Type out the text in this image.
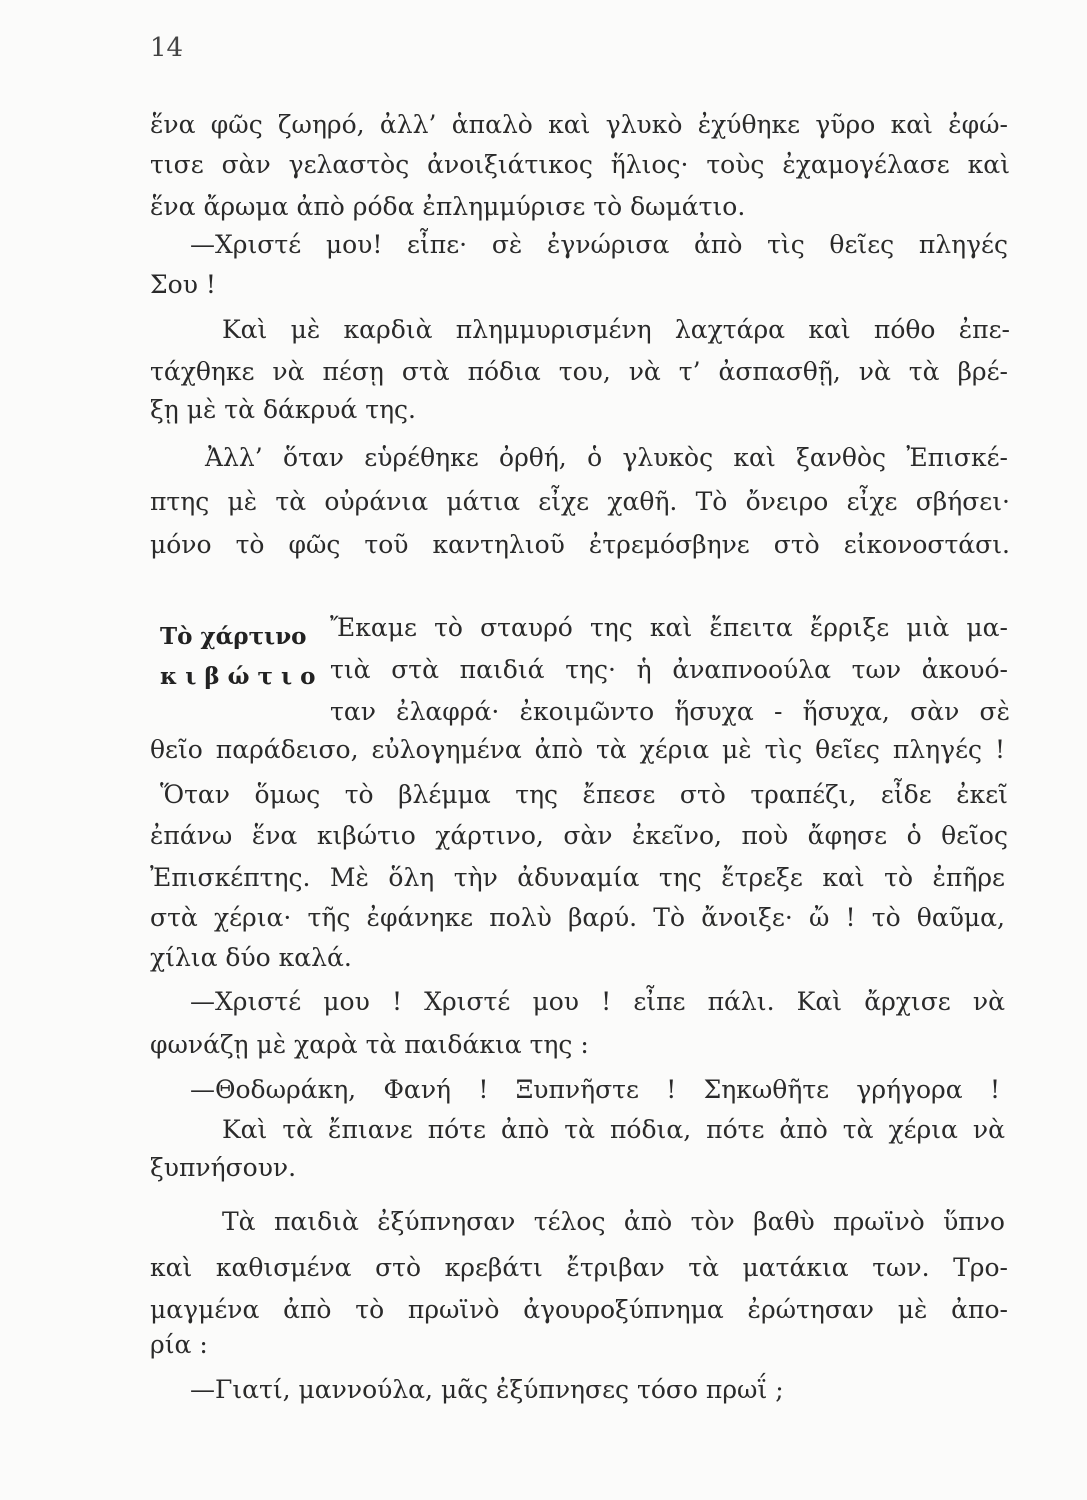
14
ἕνα φῶς ζωηρό, ἀλλ’ ἁπαλὸ καὶ γλυκὸ ἐχύθηκε γῦρο καὶ ἐφώ-
τισε σὰν γελαστὸς ἀνοιξιάτικος ἥλιος· τοὺς ἐχαμογέλασε καὶ
ἕνα ἄρωμα ἀπὸ ρόδα ἐπλημμύρισε τὸ δωμάτιο.
—Χριστέ μου! εἶπε· σὲ ἐγνώρισα ἀπὸ τὶς θεῖες πληγές
Σου !
Καὶ μὲ καρδιὰ πλημμυρισμένη λαχτάρα καὶ πόθο ἐπε-
τάχθηκε νὰ πέσῃ στὰ πόδια του, νὰ τ’ ἀσπασθῇ, νὰ τὰ βρέ-
ξῃ μὲ τὰ δάκρυά της.
Ἀλλ’ ὅταν εὑρέθηκε ὀρθή, ὁ γλυκὸς καὶ ξανθὸς Ἐπισκέ-
πτης μὲ τὰ οὐράνια μάτια εἶχε χαθῆ. Τὸ ὄνειρο εἶχε σβήσει·
μόνο τὸ φῶς τοῦ καντηλιοῦ ἐτρεμόσβηνε στὸ εἰκονοστάσι.
Τὸ χάρτινο
κιβώτιο
Ἔκαμε τὸ σταυρό της καὶ ἔπειτα ἔρριξε μιὰ μα-
τιὰ στὰ παιδιά της· ἡ ἀναπνοούλα των ἀκουό-
ταν ἐλαφρά· ἐκοιμῶντο ἥσυχα - ἥσυχα, σὰν σὲ
θεῖο παράδεισο, εὐλογημένα ἀπὸ τὰ χέρια μὲ τὶς θεῖες πληγές !
Ὅταν ὅμως τὸ βλέμμα της ἔπεσε στὸ τραπέζι, εἶδε ἐκεῖ
ἐπάνω ἕνα κιβώτιο χάρτινο, σὰν ἐκεῖνο, ποὺ ἄφησε ὁ θεῖος
Ἐπισκέπτης. Μὲ ὅλη τὴν ἀδυναμία της ἔτρεξε καὶ τὸ ἐπῆρε
στὰ χέρια· τῆς ἐφάνηκε πολὺ βαρύ. Τὸ ἄνοιξε· ὤ ! τὸ θαῦμα,
χίλια δύο καλά.
—Χριστέ μου ! Χριστέ μου ! εἶπε πάλι. Καὶ ἄρχισε νὰ
φωνάζῃ μὲ χαρὰ τὰ παιδάκια της :
—Θοδωράκη, Φανή ! Ξυπνῆστε ! Σηκωθῆτε γρήγορα !
Καὶ τὰ ἔπιανε πότε ἀπὸ τὰ πόδια, πότε ἀπὸ τὰ χέρια νὰ
ξυπνήσουν.
Τὰ παιδιὰ ἐξύπνησαν τέλος ἀπὸ τὸν βαθὺ πρωϊνὸ ὕπνο
καὶ καθισμένα στὸ κρεβάτι ἔτριβαν τὰ ματάκια των. Τρο-
μαγμένα ἀπὸ τὸ πρωϊνὸ ἀγουροξύπνημα ἐρώτησαν μὲ ἀπο-
ρία :
—Γιατί, μαννούλα, μᾶς ἐξύπνησες τόσο πρωΐ ;
